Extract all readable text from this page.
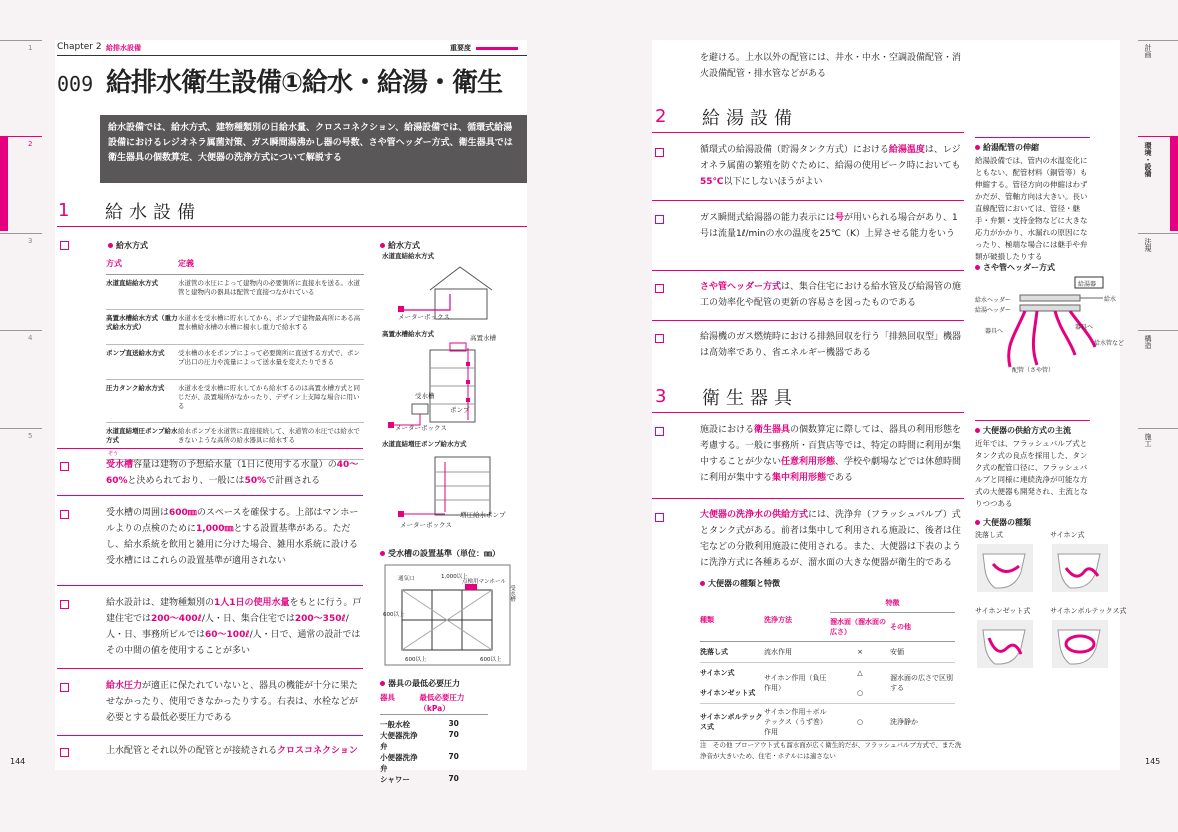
1
2
3
4
5
144
Chapter 2 給排水設備	重要度
009 給排水衛生設備①給水・給湯・衛生
給水設備では、給水方式、建物種類別の日給水量、クロスコネクション、給湯設備では、循環式給湯設備におけるレジオネラ属菌対策、ガス瞬間湯沸かし器の号数、さや管ヘッダー方式、衛生器具では衛生器具の個数算定、大便器の洗浄方式について解説する
1 給水設備
給水方式
方式	定義
水道直結給水方式	水道管の水圧によって建物内の必要箇所に直接水を送る。水道管と建物内の器具は配管で直接つながれている
高置水槽給水方式（重力式給水方式）	水道水を受水槽に貯水してから、ポンプで建物最高所にある高置水槽給水槽の水槽に揚水し重力で給水する
ポンプ直送給水方式	受水槽の水をポンプによって必要箇所に直送する方式で、ポンプ出口の圧力や流量によって送水量を変えたりできる
圧力タンク給水方式	水道水を受水槽に貯水してから給水するのは高置水槽方式と同じだが、設置場所がなかったり、デザイン上支障な場合に用いる
水道直結増圧ポンプ給水方式	給水ポンプを水道管に直接接続して、水道管の水圧では給水できないような高所の給水器具に給水する
給水方式
水道直結給水方式
メーターボックス
高置水槽給水方式	高置水槽
受水槽
ポンプ
メーターボックス
水道直結増圧ポンプ給水方式
増圧給水ポンプ
メーターボックス
受水槽の設置基準（単位：㎜）
通気口	1,000以上
点検用マンホール
受水槽
600以上
600以上	600以上
器具の最低必要圧力
器具	最低必要圧力（kPa）
一般水栓	30
大便器洗浄弁	70
小便器洗浄弁	70
シャワー	70
ぞう
受水槽容量は建物の予想給水量（1日に使用する水量）の40～60%と決められており、一般には50%で計画される
受水槽の周囲は600㎜のスペースを確保する。上部はマンホールよりの点検のために1,000㎜とする設置基準がある。ただし、給水系統を飲用と雑用に分けた場合、雑用水系統に設ける受水槽にはこれらの設置基準が適用されない
給水設計は、建物種類別の1人1日の使用水量をもとに行う。戸建住宅では200～400ℓ/人・日、集合住宅では200～350ℓ/人・日、事務所ビルでは60～100ℓ/人・日で、通常の設計ではその中間の値を使用することが多い
給水圧力が適正に保たれていないと、器具の機能が十分に果たせなかったり、使用できなかったりする。右表は、水栓などが必要とする最低必要圧力である
上水配管とそれ以外の配管とが接続されるクロスコネクション
計画
環境・設備
法規
構造
施工
145
を避ける。上水以外の配管には、井水・中水・空調設備配管・消火設備配管・排水管などがある
2 給湯設備
循環式の給湯設備（貯湯タンク方式）における給湯温度は、レジオネラ属菌の繁殖を防ぐために、給湯の使用ピーク時においても55℃以下にしないほうがよい
ガス瞬間式給湯器の能力表示には号が用いられる場合があり、1号は流量1ℓ/minの水の温度を25℃（K）上昇させる能力をいう
さや管ヘッダー方式は、集合住宅における給水管及び給湯管の施工の効率化や配管の更新の容易さを図ったものである
給湯機のガス燃焼時における排熱回収を行う「排熱回収型」機器は高効率であり、省エネルギー機器である
給湯配管の伸縮
給湯設備では、管内の水温変化にともない、配管材料（銅管等）も伸縮する。管径方向の伸縮はわずかだが、管軸方向は大きい。長い直線配管においては、管径・継手・弁類・支持金物などに大きな応力がかかり、水漏れの原因になったり、極端な場合には継手や弁類が破損したりする
さや管ヘッダー方式
給湯器
給水ヘッダー
給湯ヘッダー
給水
器具へ
器具へ
給水管など
配管（さや管）
3 衛生器具
施設における衛生器具の個数算定に際しては、器具の利用形態を考慮する。一般に事務所・百貨店等では、特定の時間に利用が集中することが少ない任意利用形態、学校や劇場などでは休憩時間に利用が集中する集中利用形態である
大便器の洗浄水の供給方式には、洗浄弁（フラッシュバルブ）式とタンク式がある。前者は集中して利用される施設に、後者は住宅などの分散利用施設に使用される。また、大便器は下表のように洗浄方式に各種あるが、溜水面の大きな便器が衛生的である
大便器の種類と特徴
種類	洗浄方法	特徴	
		溜水面（溜水面の広さ）	その他
洗落し式	流水作用	×	安価
サイホン式	サイホン作用（負圧作用）	△	溜水面の広さで区別する
サイホンゼット式		○	
サイホンボルテックス式	サイホン作用＋ボルテックス（うず巻）作用	○	洗浄静か
注　その他 ブローアウト式も溜水面が広く衛生的だが、フラッシュバルブ方式で、また洗浄音が大きいため、住宅・ホテルには適さない
大便器の供給方式の主流
近年では、フラッシュバルブ式とタンク式の良点を採用した、タンク式の配管口径に、フラッシュバルブと同様に連続洗浄が可能な方式の大便器も開発され、主流となりつつある
大便器の種類
洗落し式	サイホン式
サイホンゼット式	サイホンボルテックス式
